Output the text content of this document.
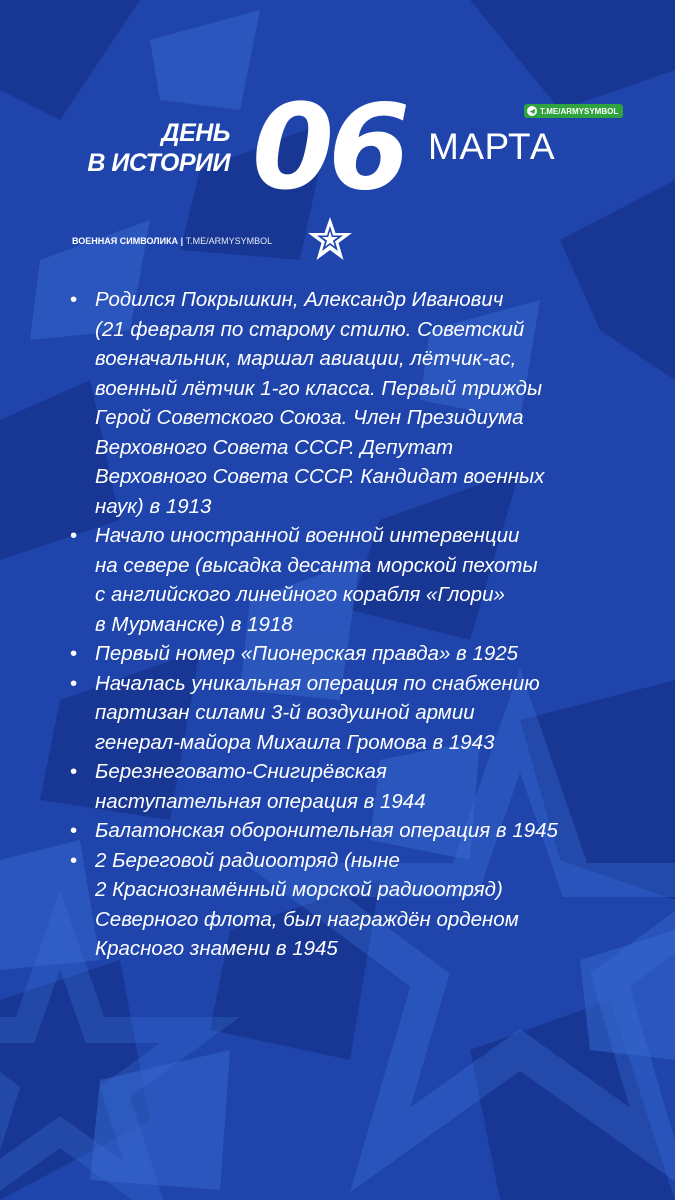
ДЕНЬ
В ИСТОРИИ 06 МАРТА
T.ME/ARMYSYMBOL
ВОЕННАЯ СИМВОЛИКА | T.ME/ARMYSYMBOL
• Родился Покрышкин, Александр Иванович
(21 февраля по старому стилю. Советский
военачальник, маршал авиации, лётчик-ас,
военный лётчик 1-го класса. Первый трижды
Герой Советского Союза. Член Президиума
Верховного Совета СССР. Депутат
Верховного Совета СССР. Кандидат военных
наук) в 1913
• Начало иностранной военной интервенции
на севере (высадка десанта морской пехоты
с английского линейного корабля «Глори»
в Мурманске) в 1918
• Первый номер «Пионерская правда» в 1925
• Началась уникальная операция по снабжению
партизан силами 3-й воздушной армии
генерал-майора Михаила Громова в 1943
• Березнеговато-Снигирёвская
наступательная операция в 1944
• Балатонская оборонительная операция в 1945
• 2 Береговой радиоотряд (ныне
2 Краснознамённый морской радиоотряд)
Северного флота, был награждён орденом
Красного знамени в 1945
